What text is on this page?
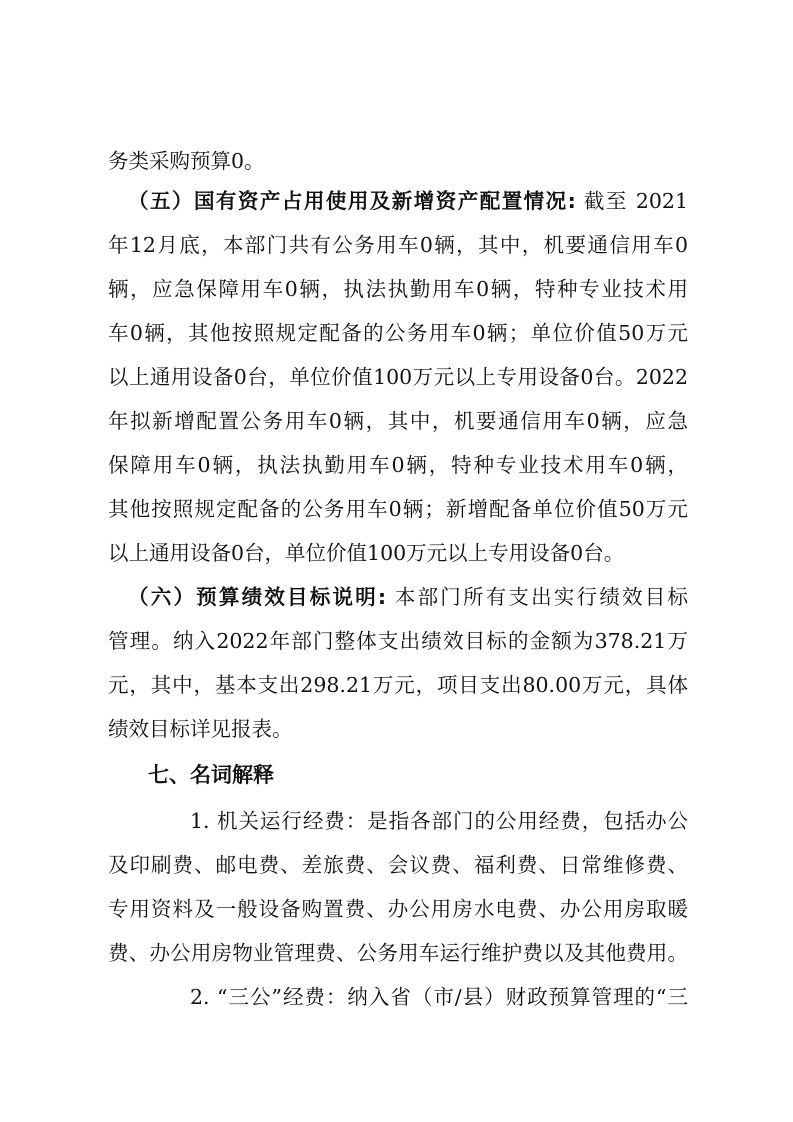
务类采购预算0。
（五）国有资产占用使用及新增资产配置情况: 截至 2021
年12月底，本部门共有公务用车0辆，其中，机要通信用车0
辆，应急保障用车0辆，执法执勤用车0辆，特种专业技术用
车0辆，其他按照规定配备的公务用车0辆；单位价值50万元
以上通用设备0台，单位价值100万元以上专用设备0台。2022
年拟新增配置公务用车0辆，其中，机要通信用车0辆，应急
保障用车0辆，执法执勤用车0辆，特种专业技术用车0辆，
其他按照规定配备的公务用车0辆；新增配备单位价值50万元
以上通用设备0台，单位价值100万元以上专用设备0台。
（六）预算绩效目标说明: 本部门所有支出实行绩效目标
管理。纳入2022年部门整体支出绩效目标的金额为378.21万
元，其中，基本支出298.21万元，项目支出80.00万元，具体
绩效目标详见报表。
七、名词解释
1. 机关运行经费：是指各部门的公用经费，包括办公
及印刷费、邮电费、差旅费、会议费、福利费、日常维修费、
专用资料及一般设备购置费、办公用房水电费、办公用房取暖
费、办公用房物业管理费、公务用车运行维护费以及其他费用。
2. “三公”经费：纳入省（市/县）财政预算管理的“三
